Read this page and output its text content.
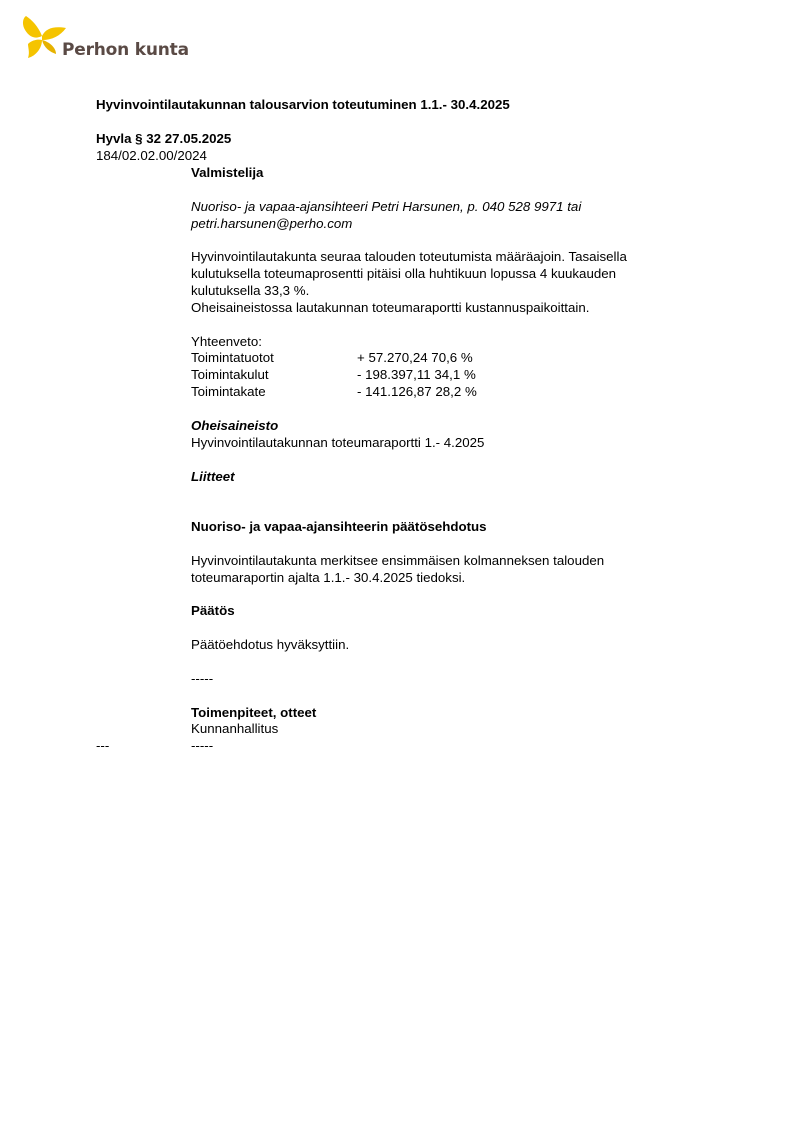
Perhon kunta
Hyvinvointilautakunnan talousarvion toteutuminen 1.1.- 30.4.2025
Hyvla § 32 27.05.2025
184/02.02.00/2024
Valmistelija
Nuoriso- ja vapaa-ajansihteeri Petri Harsunen, p. 040 528 9971 tai
petri.harsunen@perho.com
Hyvinvointilautakunta seuraa talouden toteutumista määräajoin. Tasaisella
kulutuksella toteumaprosentti pitäisi olla huhtikuun lopussa 4 kuukauden
kulutuksella 33,3 %.
Oheisaineistossa lautakunnan toteumaraportti kustannuspaikoittain.
Yhteenveto:
Toimintatuotot	+ 57.270,24 70,6 %
Toimintakulut	- 198.397,11 34,1 %
Toimintakate	- 141.126,87 28,2 %
Oheisaineisto
Hyvinvointilautakunnan toteumaraportti 1.- 4.2025
Liitteet
Nuoriso- ja vapaa-ajansihteerin päätösehdotus
Hyvinvointilautakunta merkitsee ensimmäisen kolmanneksen talouden
toteumaraportin ajalta 1.1.- 30.4.2025 tiedoksi.
Päätös
Päätöehdotus hyväksyttiin.
-----
Toimenpiteet, otteet
Kunnanhallitus
---	-----
